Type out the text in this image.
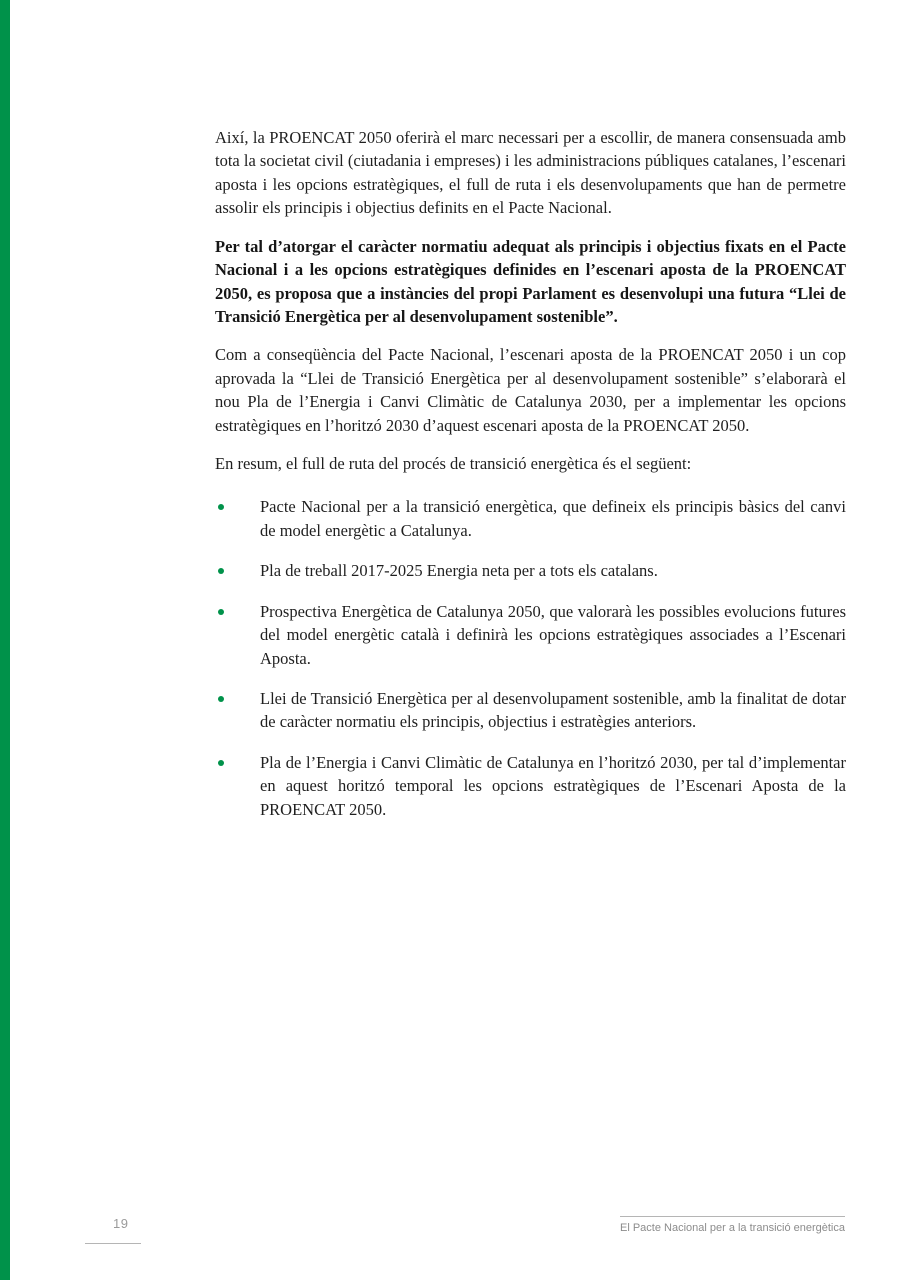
Així, la PROENCAT 2050 oferirà el marc necessari per a escollir, de manera consensuada amb tota la societat civil (ciutadania i empreses) i les administracions públiques catalanes, l’escenari aposta i les opcions estratègiques, el full de ruta i els desenvolupaments que han de permetre assolir els principis i objectius definits en el Pacte Nacional.

Per tal d’atorgar el caràcter normatiu adequat als principis i objectius fixats en el Pacte Nacional i a les opcions estratègiques definides en l’escenari aposta de la PROENCAT 2050, es proposa que a instàncies del propi Parlament es desenvolupi una futura “Llei de Transició Energètica per al desenvolupament sostenible”.

Com a conseqüència del Pacte Nacional, l’escenari aposta de la PROENCAT 2050 i un cop aprovada la “Llei de Transició Energètica per al desenvolupament sostenible” s’elaborarà el nou Pla de l’Energia i Canvi Climàtic de Catalunya 2030, per a implementar les opcions estratègiques en l’horitzó 2030 d’aquest escenari aposta de la PROENCAT 2050.

En resum, el full de ruta del procés de transició energètica és el següent:

Pacte Nacional per a la transició energètica, que defineix els principis bàsics del canvi de model energètic a Catalunya.
Pla de treball 2017-2025 Energia neta per a tots els catalans.
Prospectiva Energètica de Catalunya 2050, que valorarà les possibles evolucions futures del model energètic català i definirà les opcions estratègiques associades a l’Escenari Aposta.
Llei de Transició Energètica per al desenvolupament sostenible, amb la finalitat de dotar de caràcter normatiu els principis, objectius i estratègies anteriors.
Pla de l’Energia i Canvi Climàtic de Catalunya en l’horitzó 2030, per tal d’implementar en aquest horitzó temporal les opcions estratègiques de l’Escenari Aposta de la PROENCAT 2050.
19	El Pacte Nacional per a la transició energètica
